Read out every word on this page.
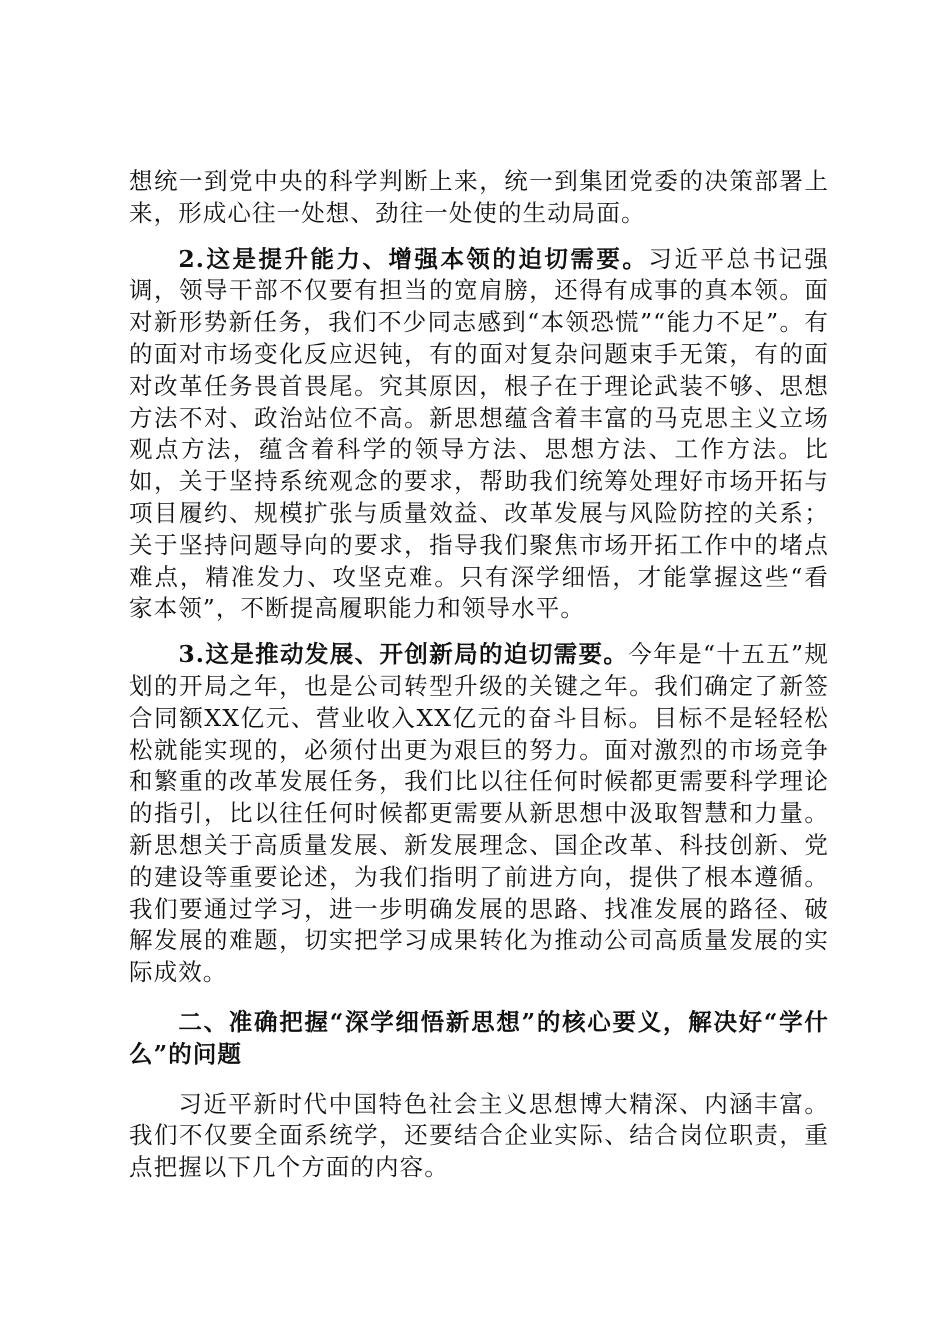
想统一到党中央的科学判断上来，统一到集团党委的决策部署上来，形成心往一处想、劲往一处使的生动局面。

2.这是提升能力、增强本领的迫切需要。习近平总书记强调，领导干部不仅要有担当的宽肩膀，还得有成事的真本领。面对新形势新任务，我们不少同志感到“本领恐慌”“能力不足”。有的面对市场变化反应迟钝，有的面对复杂问题束手无策，有的面对改革任务畏首畏尾。究其原因，根子在于理论武装不够、思想方法不对、政治站位不高。新思想蕴含着丰富的马克思主义立场观点方法，蕴含着科学的领导方法、思想方法、工作方法。比如，关于坚持系统观念的要求，帮助我们统筹处理好市场开拓与项目履约、规模扩张与质量效益、改革发展与风险防控的关系；关于坚持问题导向的要求，指导我们聚焦市场开拓工作中的堵点难点，精准发力、攻坚克难。只有深学细悟，才能掌握这些“看家本领”，不断提高履职能力和领导水平。

3.这是推动发展、开创新局的迫切需要。今年是“十五五”规划的开局之年，也是公司转型升级的关键之年。我们确定了新签合同额XX亿元、营业收入XX亿元的奋斗目标。目标不是轻轻松松就能实现的，必须付出更为艰巨的努力。面对激烈的市场竞争和繁重的改革发展任务，我们比以往任何时候都更需要科学理论的指引，比以往任何时候都更需要从新思想中汲取智慧和力量。新思想关于高质量发展、新发展理念、国企改革、科技创新、党的建设等重要论述，为我们指明了前进方向，提供了根本遵循。我们要通过学习，进一步明确发展的思路、找准发展的路径、破解发展的难题，切实把学习成果转化为推动公司高质量发展的实际成效。

二、准确把握“深学细悟新思想”的核心要义，解决好“学什么”的问题

习近平新时代中国特色社会主义思想博大精深、内涵丰富。我们不仅要全面系统学，还要结合企业实际、结合岗位职责，重点把握以下几个方面的内容。
